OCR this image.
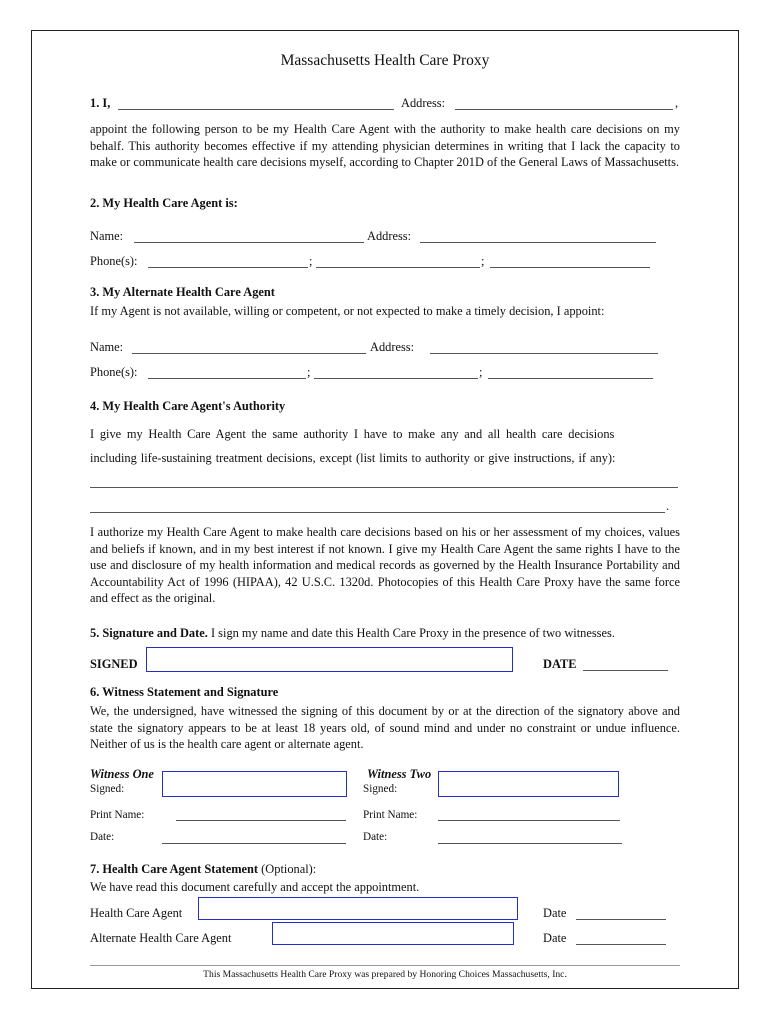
Massachusetts Health Care Proxy
1. I,	Address:	,

appoint the following person to be my Health Care Agent with the authority to make health care decisions on my behalf. This authority becomes effective if my attending physician determines in writing that I lack the capacity to make or communicate health care decisions myself, according to Chapter 201D of the General Laws of Massachusetts.

2. My Health Care Agent is:
Name:	Address:
Phone(s):	;	;
3. My Alternate Health Care Agent
If my Agent is not available, willing or competent, or not expected to make a timely decision, I appoint:
Name:	Address:
Phone(s):	;	;
4. My Health Care Agent's Authority
I give my Health Care Agent the same authority I have to make any and all health care decisions
including life-sustaining treatment decisions, except (list limits to authority or give instructions, if any):
.

I authorize my Health Care Agent to make health care decisions based on his or her assessment of my choices, values and beliefs if known, and in my best interest if not known. I give my Health Care Agent the same rights I have to the use and disclosure of my health information and medical records as governed by the Health Insurance Portability and Accountability Act of 1996 (HIPAA), 42 U.S.C. 1320d. Photocopies of this Health Care Proxy have the same force and effect as the original.

5. Signature and Date. I sign my name and date this Health Care Proxy in the presence of two witnesses.
SIGNED	DATE
6. Witness Statement and Signature

We, the undersigned, have witnessed the signing of this document by or at the direction of the signatory above and state the signatory appears to be at least 18 years old, of sound mind and under no constraint or undue influence. Neither of us is the health care agent or alternate agent.

Witness One
Signed:
Print Name:
Date:
Witness Two
Signed:
Print Name:
Date:
7. Health Care Agent Statement (Optional):
We have read this document carefully and accept the appointment.
Health Care Agent	Date
Alternate Health Care Agent	Date
This Massachusetts Health Care Proxy was prepared by Honoring Choices Massachusetts, Inc.
